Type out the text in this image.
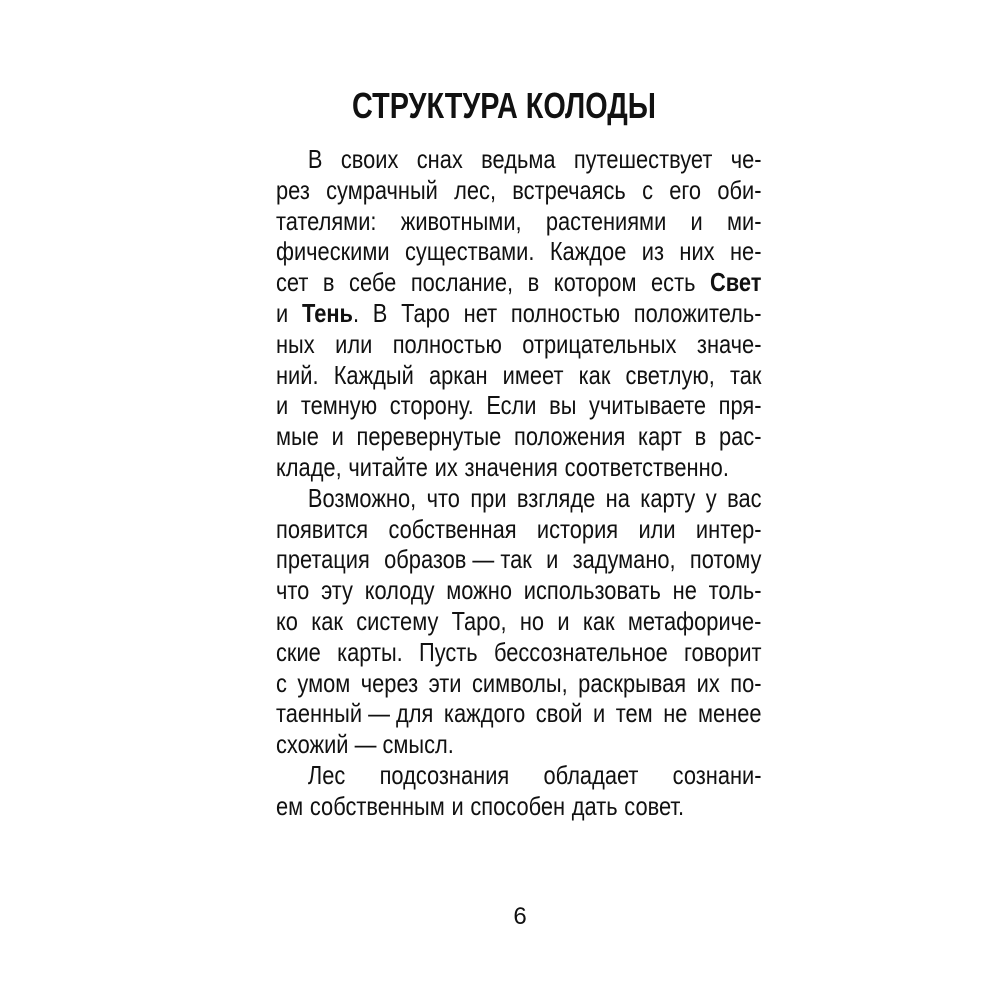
СТРУКТУРА КОЛОДЫ
В своих снах ведьма путешествует че-
рез сумрачный лес, встречаясь с его оби-
тателями: животными, растениями и ми-
фическими существами. Каждое из них не-
сет в себе послание, в котором есть Свет
и Тень. В Таро нет полностью положитель-
ных или полностью отрицательных значе-
ний. Каждый аркан имеет как светлую, так
и темную сторону. Если вы учитываете пря-
мые и перевернутые положения карт в рас-
кладе, читайте их значения соответственно.
Возможно, что при взгляде на карту у вас
появится собственная история или интер-
претация образов — так и задумано, потому
что эту колоду можно использовать не толь-
ко как систему Таро, но и как метафориче-
ские карты. Пусть бессознательное говорит
с умом через эти символы, раскрывая их по-
таенный — для каждого свой и тем не менее
схожий — смысл.
Лес подсознания обладает сознани-
ем собственным и способен дать совет.
6
